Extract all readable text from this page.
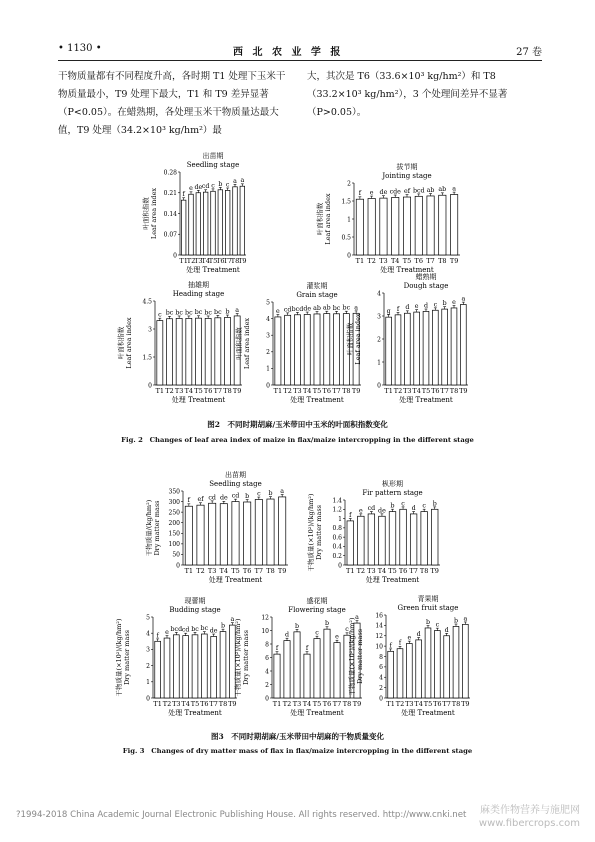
• 1130 •	西 北 农 业 学 报	27 卷
干物质量都有不同程度升高，各时期 T1 处理下玉米干物质量最小，T9 处理下最大，T1 和 T9 差异显著（P<0.05）。在蜡熟期，各处理玉米干物质量达最大值，T9 处理（34.2×10³ kg/hm²）最
大，其次是 T6（33.6×10³ kg/hm²）和 T8（33.2×10³ kg/hm²），3 个处理间差异不显著（P>0.05）。
0
0.07
0.14
0.21
0.28
f
T1
e
T2
de
T3
cd
T4
c
T5
b
T6
c
T7
a
T8
a
T9
出苗期
Seedling stage
处理 Treatment
叶面积指数 Leaf area index
0
0.5
1
1.5
2
f
T1
e
T2
de
T3
cde
T4
ef
T5
bcd
T6
ab
T7
ab
T8
a
T9
拔节期
Jointing stage
处理 Treatment
叶面积指数 Leaf area index
0
1.5
3
4.5
c
T1
bc
T2
bc
T3
bc
T4
bc
T5
bc
T6
bc
T7
b
T8
a
T9
抽雄期
Heading stage
处理 Treatment
叶面积指数 Leaf area index
0
1
2
3
4
5
e
T1
cd
T2
bcd
T3
de
T4
ab
T5
ab
T6
bc
T7
bc
T8
a
T9
灌浆期
Grain stage
处理 Treatment
叶面积指数 Leaf area index
0
1
2
3
4
g
T1
f
T2
d
T3
e
T4
d
T5
c
T6
b
T7
e
T8
a
T9
蜡熟期
Dough stage
处理 Treatment
叶面积指数 Leaf area index
0
50
100
150
200
250
300
350
f
T1
ef
T2
cd
T3
de
T4
cd
T5
b
T6
c
T7
b
T8
a
T9
出苗期
Seedling stage
处理 Treatment
干物质量/(kg/hm²) Dry matter mass
0
0.2
0.4
0.6
0.8
1
1.2
1.4
f
T1
e
T2
cd
T3
de
T4
b
T5
c
T6
d
T7
c
T8
b
T9
枞形期
Fir pattern stage
处理 Treatment
干物质量(×10²)/(kg/hm²) Dry matter mass
0
1
2
3
4
5
f
T1
e
T2
bcd
T3
cd
T4
bc
T5
bc
T6
de
T7
b
T8
a
T9
现蕾期
Budding stage
处理 Treatment
干物质量(×10²)/(kg/hm²) Dry matter mass
0
2
4
6
8
10
12
f
T1
d
T2
b
T3
f
T4
c
T5
b
T6
e
T7
c
T8
a
T9
盛花期
Flowering stage
处理 Treatment
干物质量(×10²)/(kg/hm²) Dry matter mass
0
2
4
6
8
10
12
14
16
f
T1
f
T2
e
T3
d
T4
b
T5
c
T6
d
T7
b
T8
a
T9
青果期
Green fruit stage
处理 Treatment
干物质量(×10²)/(kg/hm²) Dry matter mass
图2　不同时期胡麻/玉米带田中玉米的叶面积指数变化
Fig. 2　Changes of leaf area index of maize in flax/maize intercropping in the different stage
图3　不同时期胡麻/玉米带田中胡麻的干物质量变化
Fig. 3　Changes of dry matter mass of flax in flax/maize intercropping in the different stage
?1994-2018 China Academic Journal Electronic Publishing House. All rights reserved. http://www.cnki.net 麻类作物营养与施肥网
www.fibercrops.com
